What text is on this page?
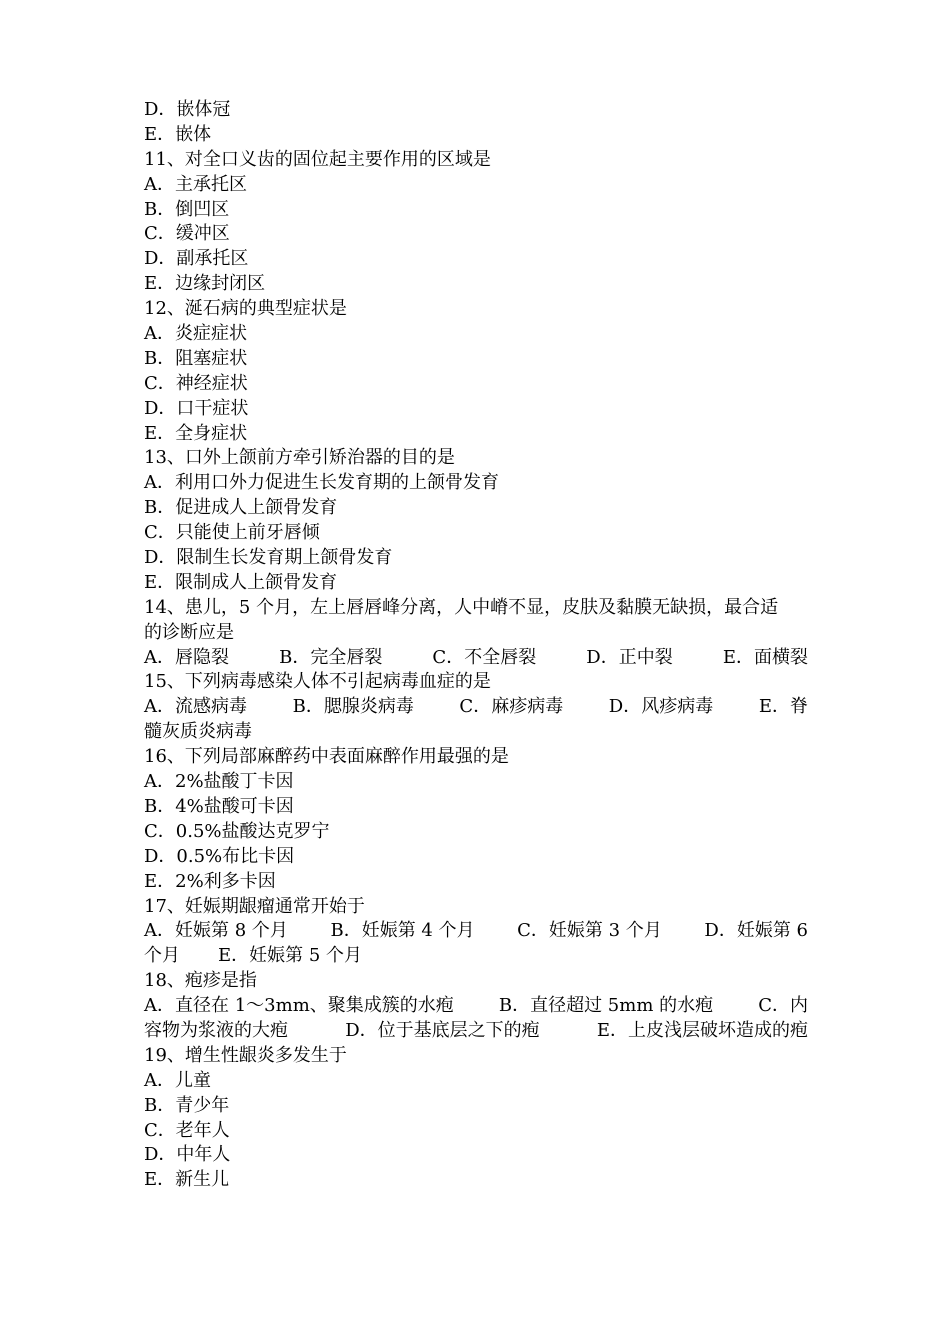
D．嵌体冠
E．嵌体
11、对全口义齿的固位起主要作用的区域是
A．主承托区
B．倒凹区
C．缓冲区
D．副承托区
E．边缘封闭区
12、涎石病的典型症状是
A．炎症症状
B．阻塞症状
C．神经症状
D．口干症状
E．全身症状
13、口外上颌前方牵引矫治器的目的是
A．利用口外力促进生长发育期的上颌骨发育
B．促进成人上颌骨发育
C．只能使上前牙唇倾
D．限制生长发育期上颌骨发育
E．限制成人上颌骨发育
14、患儿，5 个月，左上唇唇峰分离，人中嵴不显，皮肤及黏膜无缺损，最合适
的诊断应是
A．唇隐裂	B．完全唇裂	C．不全唇裂	D．正中裂	E．面横裂
15、下列病毒感染人体不引起病毒血症的是
A．流感病毒	B．腮腺炎病毒	C．麻疹病毒	D．风疹病毒	E．脊
髓灰质炎病毒
16、下列局部麻醉药中表面麻醉作用最强的是
A．2%盐酸丁卡因
B．4%盐酸可卡因
C．0.5%盐酸达克罗宁
D．0.5%布比卡因
E．2%利多卡因
17、妊娠期龈瘤通常开始于
A．妊娠第 8 个月 B．妊娠第 4 个月 C．妊娠第 3 个月 D．妊娠第 6
个月 E．妊娠第 5 个月
18、疱疹是指
A．直径在 1～3mm、聚集成簇的水疱	B．直径超过 5mm 的水疱	C．内
容物为浆液的大疱	D．位于基底层之下的疱	E．上皮浅层破坏造成的疱
19、增生性龈炎多发生于
A．儿童
B．青少年
C．老年人
D．中年人
E．新生儿
